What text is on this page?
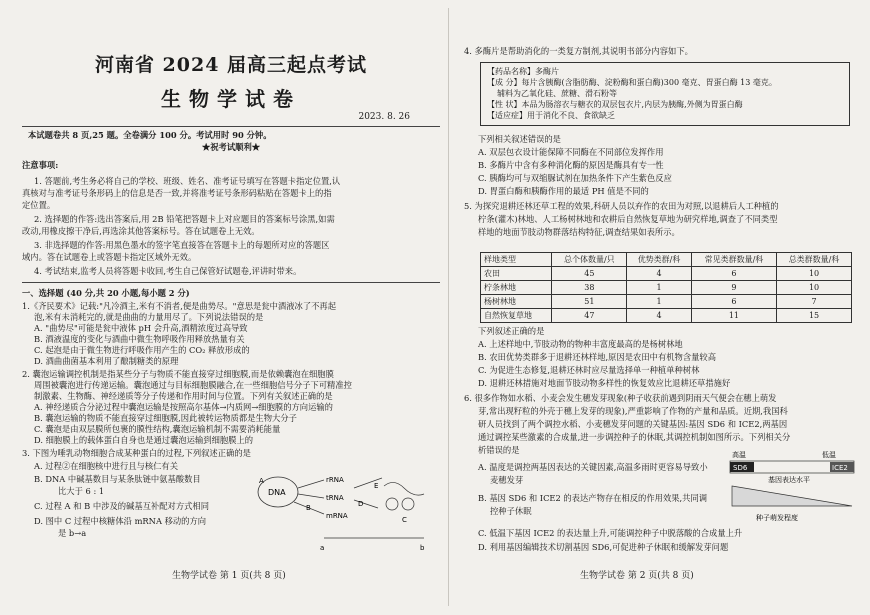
河南省 2024 届高三起点考试
生物学试卷
2023. 8. 26
本试题卷共 8 页,25 题。全卷满分 100 分。考试用时 90 分钟。
★祝考试顺利★
注意事项:
1. 答题前,考生务必将自己的学校、班级、姓名、准考证号填写在答题卡指定位置,认
真核对与准考证号条形码上的信息是否一致,并将准考证号条形码粘贴在答题卡上的指
定位置。
2. 选择题的作答:选出答案后,用 2B 铅笔把答题卡上对应题目的答案标号涂黑,如需
改动,用橡皮擦干净后,再选涂其他答案标号。答在试题卷上无效。
3. 非选择题的作答:用黑色墨水的签字笔直接答在答题卡上的每题所对应的答题区
域内。答在试题卷上或答题卡指定区域外无效。
4. 考试结束,监考人员将答题卡收回,考生自己保管好试题卷,评讲时带来。
一、选择题 (40 分,共 20 小题,每小题 2 分)
1.《齐民要术》记载:"凡冷酒主,米有不消者,便是曲势尽。"意思是瓮中酒液冰了不再起
泡,米有未消耗完的,就是曲曲的力量用尽了。下列说法错误的是
A. "曲势尽"可能是瓮中液体 pH 会升高,酒精浓度过高导致
B. 酒液温度的变化与酒曲中微生物呼吸作用释放热量有关
C. 起泡是由于微生物进行呼吸作用产生的 CO₂ 释放形成的
D. 酒曲曲菌基本利用了酿制糖类的原理
2. 囊泡运输调控机制是指某些分子与物质不能直接穿过细胞膜,而是依赖囊泡在细胞膜
周围被囊泡进行传递运输。囊泡通过与目标细胞膜融合,在一些细胞信号分子下可精准控
制激素、生物酶、神经递质等分子传递和作用时间与位置。下列有关叙述正确的是
A. 神经递质合分泌过程中囊泡运输是按照高尔基体→内质网→细胞膜的方向运输的
B. 囊泡运输的物质不能直接穿过细胞膜,因此被转运物质都是生物大分子
C. 囊泡是由双层膜所包裹的膜性结构,囊泡运输机制不需要消耗能量
D. 细胞膜上的载体蛋白自身也是通过囊泡运输到细胞膜上的
3. 下图为唾乳动物细胞合成某种蛋白的过程,下列叙述正确的是
A. 过程②在细胞核中进行且与核仁有关
B. DNA 中碱基数目与某条肽链中氨基酸数目
比大于 6 : 1
C. 过程 A 和 B 中涉及的碱基互补配对方式相同
D. 图中 C 过程中核糖体沿 mRNA 移动的方向
是 b→a
DNA
A	rRNA
tRNA
mRNA
B
E
D
C
a	b
生物学试卷 第 1 页(共 8 页)
4. 多酶片是帮助消化的一类复方制剂,其说明书部分内容如下。
【药品名称】多酶片
【成 分】每片含胰酶(含脂肪酶、淀粉酶和蛋白酶)300 毫克、胃蛋白酶 13 毫克。
辅料为乙氧化硅、蔗糖、滑石粉等
【性 状】本品为肠溶衣与糖衣的双层包衣片,内层为胰酶,外侧为胃蛋白酶
【适应症】用于消化不良、食欲缺乏
下列相关叙述错误的是
A. 双层包衣设计能保障不同酶在不同部位发挥作用
B. 多酶片中含有多种消化酶的原因是酶具有专一性
C. 胰酶均可与双缩脲试剂在加热条件下产生紫色反应
D. 胃蛋白酶和胰酶作用的最适 PH 值是不同的
5. 为探究退耕还林还草工程的效果,科研人员以弃作的农田为对照,以退耕后人工种植的
柠条(灌木)林地、人工杨树林地和农耕后自然恢复草地为研究样地,调查了不同类型
样地的地面节肢动物群落结构特征,调查结果如表所示。
样地类型	总个体数量/只	优势类群/科	常见类群数量/科	总类群数量/科
农田	45	4	6	10
柠条林地	38	1	9	10
杨树林地	51	1	6	7
自然恢复草地	47	4	11	15
下列叙述正确的是
A. 上述样地中,节肢动物的物种丰富度最高的是杨树林地
B. 农田优势类群多于退耕还林样地,原因是农田中有机物含量较高
C. 为促进生态修复,退耕还林时应尽量选择单一种植单种树林
D. 退耕还林措施对地面节肢动物多样性的恢复效应比退耕还草措施好
6. 很多作物如水稻、小麦会发生穗发芽现象(种子收获前遇到阴雨天气便会在穗上萌发
芽,常出现籽粒的外壳于穗上发芽的现象),严重影响了作物的产量和品质。近期,我国科
研人员找到了两个调控水稻、小麦穗发芽问题的关键基因:基因 SD6 和 ICE2,两基因
通过调控某些激素的合成量,进一步调控种子的休眠,其调控机制如图所示。下列相关分
析错误的是
A. 温度是调控两基因表达的关键因素,高温多雨时更容易导致小
麦穗发芽
B. 基因 SD6 和 ICE2 的表达产物存在相反的作用效果,共同调
控种子休眠
C. 低温下基因 ICE2 的表达量上升,可能调控种子中脱落酸的合成量上升
D. 利用基因编辑技术切割基因 SD6,可促进种子休眠和缓解发芽问题
高温	低温
SD6	ICE2
基因表达水平
种子萌发程度
生物学试卷 第 2 页(共 8 页)
